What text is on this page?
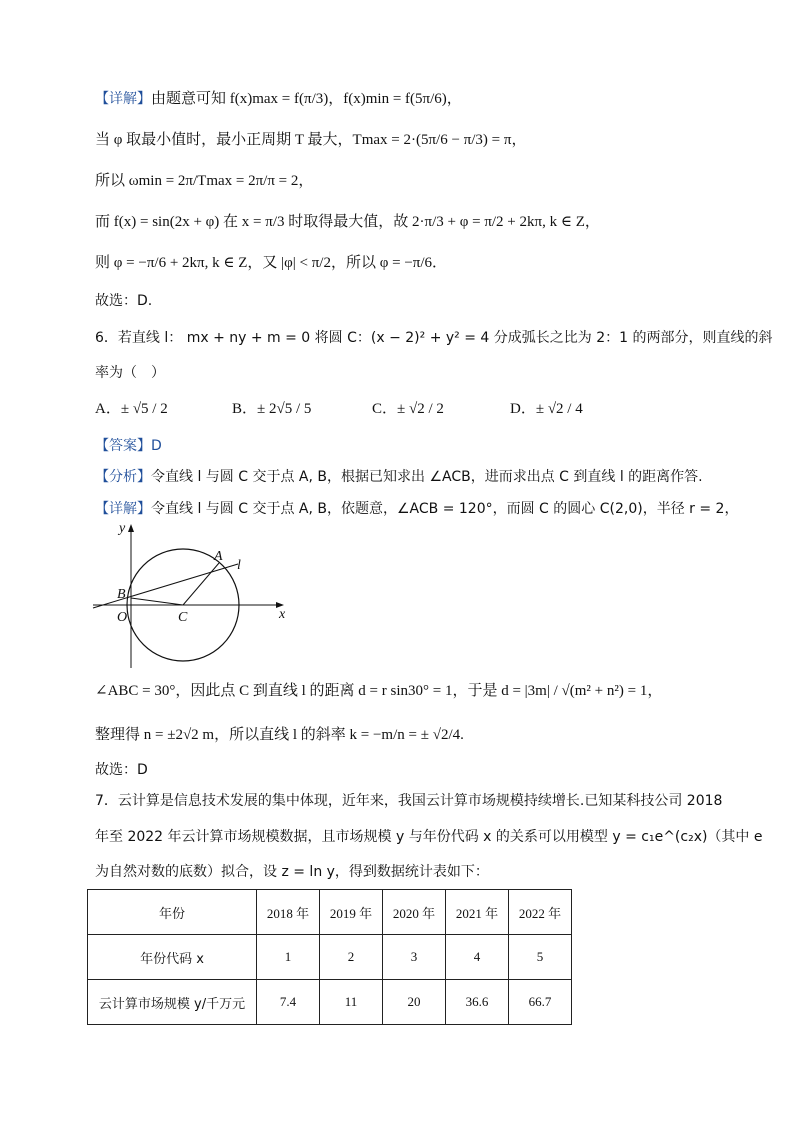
【详解】由题意可知 f(x)max = f(π/3)，f(x)min = f(5π/6)，
当 φ 取最小值时，最小正周期 T 最大，Tmax = 2·(5π/6 − π/3) = π，
所以 ωmin = 2π/Tmax = 2π/π = 2，
而 f(x) = sin(2x + φ) 在 x = π/3 时取得最大值，故 2·π/3 + φ = π/2 + 2kπ, k ∈ Z，
则 φ = −π/6 + 2kπ, k ∈ Z，又 |φ| < π/2，所以 φ = −π/6．
故选：D.
6．若直线 l： mx + ny + m = 0 将圆 C：(x − 2)² + y² = 4 分成弧长之比为 2：1 的两部分，则直线的斜
率为（　）
A．± √5 / 2	B．± 2√5 / 5	C．± √2 / 2	D．± √2 / 4
【答案】D
【分析】令直线 l 与圆 C 交于点 A, B，根据已知求出 ∠ACB，进而求出点 C 到直线 l 的距离作答.
【详解】令直线 l 与圆 C 交于点 A, B，依题意，∠ACB = 120°，而圆 C 的圆心 C(2,0)，半径 r = 2，
y
x
O
B
C
A
l
∠ABC = 30°，因此点 C 到直线 l 的距离 d = r sin30° = 1，于是 d = |3m| / √(m² + n²) = 1，
整理得 n = ±2√2 m，所以直线 l 的斜率 k = −m/n = ± √2/4.
故选：D
7．云计算是信息技术发展的集中体现，近年来，我国云计算市场规模持续增长.已知某科技公司 2018
年至 2022 年云计算市场规模数据，且市场规模 y 与年份代码 x 的关系可以用模型 y = c₁e^(c₂x)（其中 e
为自然对数的底数）拟合，设 z = ln y，得到数据统计表如下：
年份	2018 年	2019 年	2020 年	2021 年	2022 年
年份代码 x	1	2	3	4	5
云计算市场规模 y/千万元	7.4	11	20	36.6	66.7
